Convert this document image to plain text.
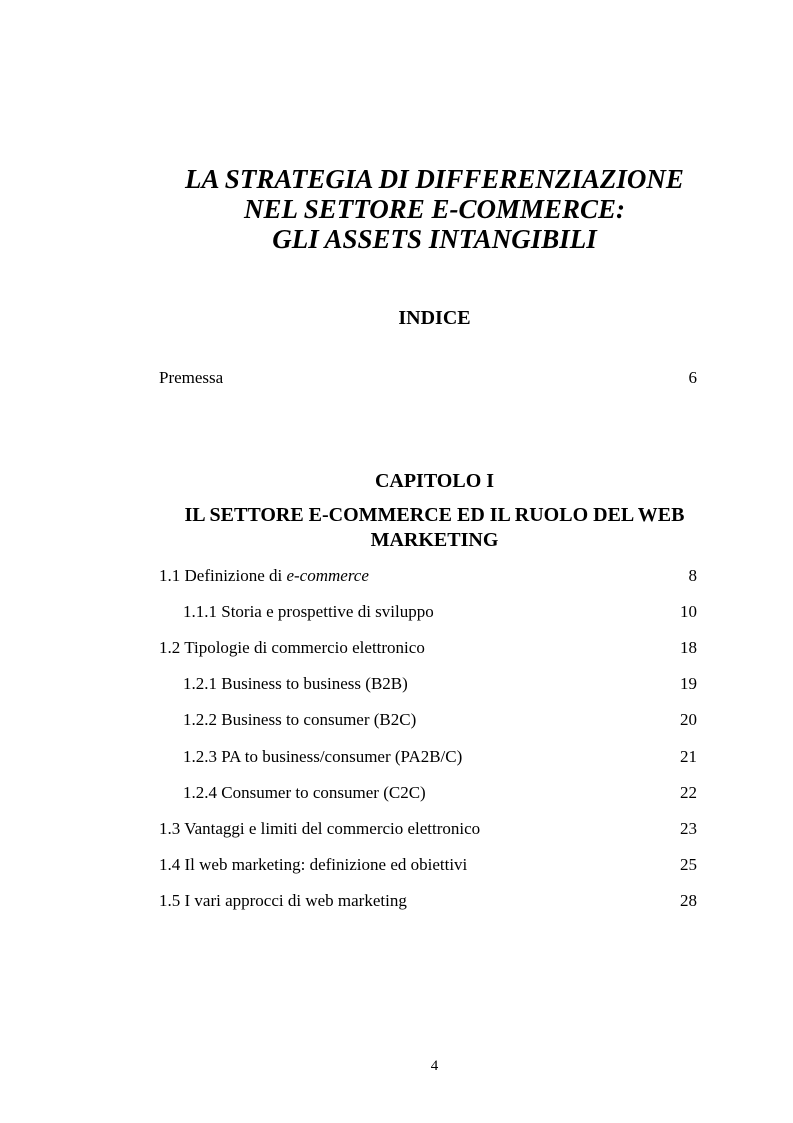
LA STRATEGIA DI DIFFERENZIAZIONE
NEL SETTORE E-COMMERCE:
GLI ASSETS INTANGIBILI
INDICE
Premessa	6
CAPITOLO I
IL SETTORE E-COMMERCE ED IL RUOLO DEL WEB
MARKETING
1.1 Definizione di e-commerce	8
1.1.1 Storia e prospettive di sviluppo	10
1.2 Tipologie di commercio elettronico	18
1.2.1 Business to business (B2B)	19
1.2.2 Business to consumer (B2C)	20
1.2.3 PA to business/consumer (PA2B/C)	21
1.2.4 Consumer to consumer (C2C)	22
1.3 Vantaggi e limiti del commercio elettronico	23
1.4 Il web marketing: definizione ed obiettivi	25
1.5 I vari approcci di web marketing	28
4
